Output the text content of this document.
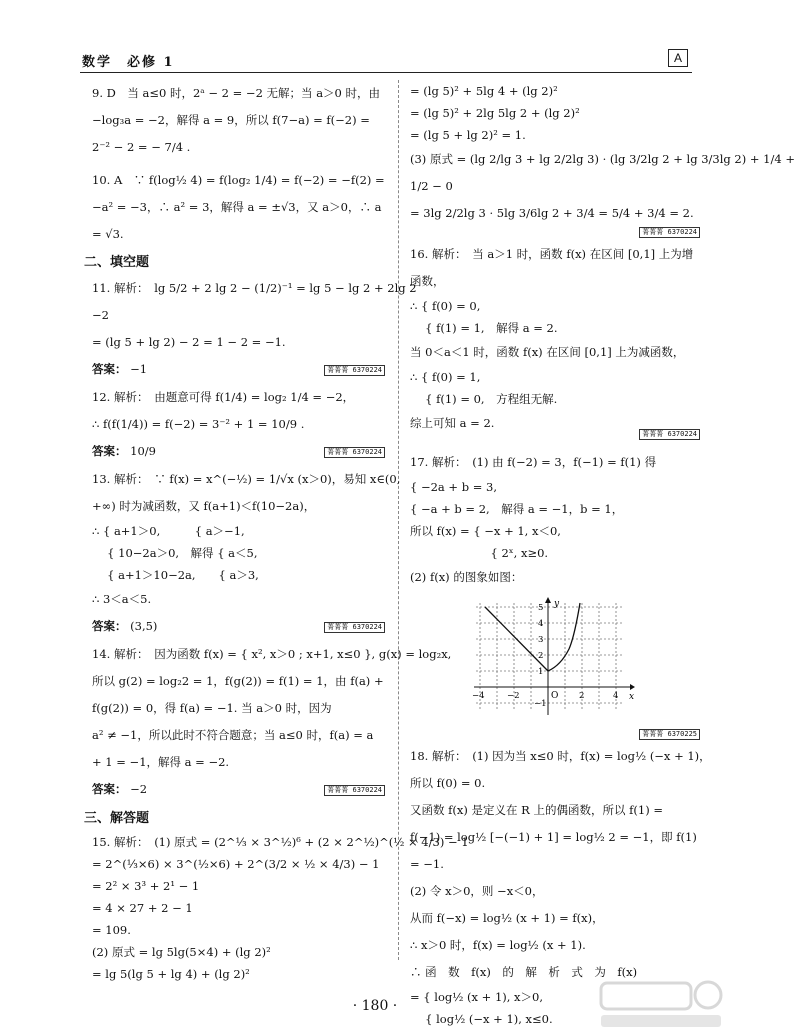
数学　必修 1	A
9. D　当 a≤0 时，2ᵃ − 2 = −2 无解；当 a＞0 时，由
−log₃a = −2，解得 a = 9，所以 f(7−a) = f(−2) =
2⁻² − 2 = − 7/4 .
10. A　∵ f(log½ 4) = f(log₂ 1/4) = f(−2) = −f(2) =
−a² = −3，∴ a² = 3，解得 a = ±√3，又 a＞0，∴ a
= √3.
二、填空题
11. 解析：　lg 5/2 + 2 lg 2 − (1/2)⁻¹ = lg 5 − lg 2 + 2lg 2
−2
= (lg 5 + lg 2) − 2 = 1 − 2 = −1.
答案： −1	菁菁菁 6370224
12. 解析：　由题意可得 f(1/4) = log₂ 1/4 = −2，
∴ f(f(1/4)) = f(−2) = 3⁻² + 1 = 10/9 .
答案： 10/9	菁菁菁 6370224
13. 解析：　∵ f(x) = x^(−½) = 1/√x (x＞0)，易知 x∈(0,
+∞) 时为减函数，又 f(a+1)＜f(10−2a)，
∴ { a+1＞0,　　　{ a＞−1,
　 { 10−2a＞0,　解得 { a＜5,
　 { a+1＞10−2a,　　{ a＞3,
∴ 3＜a＜5.
答案： (3,5)	菁菁菁 6370224
14. 解析：　因为函数 f(x) = { x², x＞0 ; x+1, x≤0 }, g(x) = log₂x,
所以 g(2) = log₂2 = 1，f(g(2)) = f(1) = 1，由 f(a) +
f(g(2)) = 0，得 f(a) = −1. 当 a＞0 时，因为
a² ≠ −1，所以此时不符合题意；当 a≤0 时，f(a) = a
+ 1 = −1，解得 a = −2.
答案： −2	菁菁菁 6370224
三、解答题
15. 解析：　(1) 原式 = (2^⅓ × 3^½)⁶ + (2 × 2^½)^(½ × 4/3) − 1
= 2^(⅓×6) × 3^(½×6) + 2^(3/2 × ½ × 4/3) − 1
= 2² × 3³ + 2¹ − 1
= 4 × 27 + 2 − 1
= 109.
(2) 原式 = lg 5lg(5×4) + (lg 2)²
= lg 5(lg 5 + lg 4) + (lg 2)²
= (lg 5)² + 5lg 4 + (lg 2)²
= (lg 5)² + 2lg 5lg 2 + (lg 2)²
= (lg 5 + lg 2)² = 1.
(3) 原式 = (lg 2/lg 3 + lg 2/2lg 3) · (lg 3/2lg 2 + lg 3/3lg 2) + 1/4 +
1/2 − 0
= 3lg 2/2lg 3 · 5lg 3/6lg 2 + 3/4 = 5/4 + 3/4 = 2.
菁菁菁 6370224
16. 解析：　当 a＞1 时，函数 f(x) 在区间 [0,1] 上为增
函数，
∴ { f(0) = 0,
　 { f(1) = 1,　解得 a = 2.
当 0＜a＜1 时，函数 f(x) 在区间 [0,1] 上为减函数，
∴ { f(0) = 1,
　 { f(1) = 0,　方程组无解.
综上可知 a = 2.
菁菁菁 6370224
17. 解析：　(1) 由 f(−2) = 3，f(−1) = f(1) 得
{ −2a + b = 3,
{ −a + b = 2,　解得 a = −1，b = 1，
所以 f(x) = { −x + 1, x＜0,
　　　　　　　{ 2ˣ, x≥0.
(2) f(x) 的图象如图：
y
x
O
−4	−2	2	4
5
4
3
2
1
−1
菁菁菁 6370225
18. 解析：　(1) 因为当 x≤0 时，f(x) = log½ (−x + 1)，
所以 f(0) = 0.
又函数 f(x) 是定义在 R 上的偶函数，所以 f(1) =
f(−1) = log½ [−(−1) + 1] = log½ 2 = −1，即 f(1)
= −1.
(2) 令 x＞0，则 −x＜0，
从而 f(−x) = log½ (x + 1) = f(x)，
∴ x＞0 时，f(x) = log½ (x + 1).
∴ 函　数　f(x)　的　解　析　式　为　f(x)
= { log½ (x + 1), x＞0,
　 { log½ (−x + 1), x≤0.
· 180 ·
